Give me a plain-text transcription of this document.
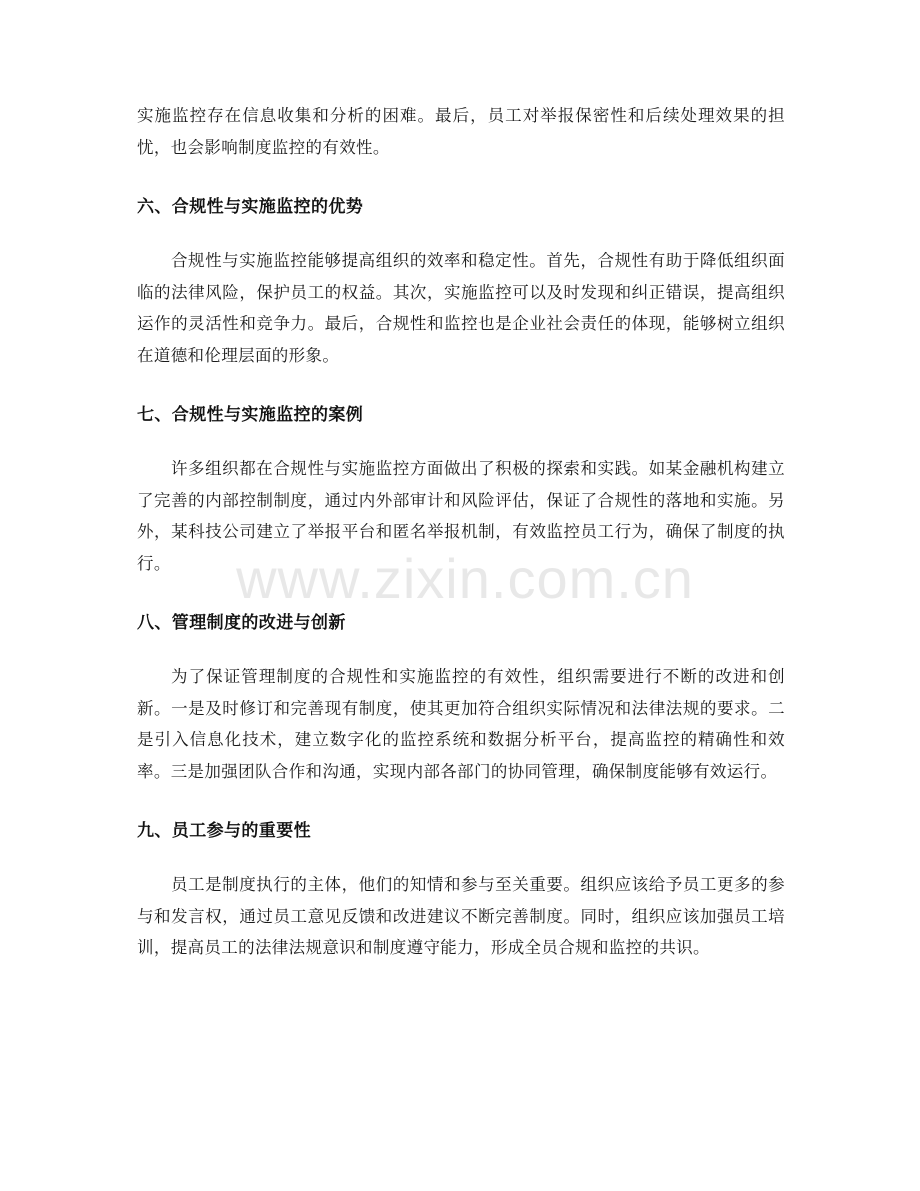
实施监控存在信息收集和分析的困难。最后，员工对举报保密性和后续处理效果的担忧，也会影响制度监控的有效性。

六、合规性与实施监控的优势

合规性与实施监控能够提高组织的效率和稳定性。首先，合规性有助于降低组织面临的法律风险，保护员工的权益。其次，实施监控可以及时发现和纠正错误，提高组织运作的灵活性和竞争力。最后，合规性和监控也是企业社会责任的体现，能够树立组织在道德和伦理层面的形象。

七、合规性与实施监控的案例

许多组织都在合规性与实施监控方面做出了积极的探索和实践。如某金融机构建立了完善的内部控制制度，通过内外部审计和风险评估，保证了合规性的落地和实施。另外，某科技公司建立了举报平台和匿名举报机制，有效监控员工行为，确保了制度的执行。

八、管理制度的改进与创新

为了保证管理制度的合规性和实施监控的有效性，组织需要进行不断的改进和创新。一是及时修订和完善现有制度，使其更加符合组织实际情况和法律法规的要求。二是引入信息化技术，建立数字化的监控系统和数据分析平台，提高监控的精确性和效率。三是加强团队合作和沟通，实现内部各部门的协同管理，确保制度能够有效运行。

九、员工参与的重要性

员工是制度执行的主体，他们的知情和参与至关重要。组织应该给予员工更多的参与和发言权，通过员工意见反馈和改进建议不断完善制度。同时，组织应该加强员工培训，提高员工的法律法规意识和制度遵守能力，形成全员合规和监控的共识。

www.zixin.com.cn
